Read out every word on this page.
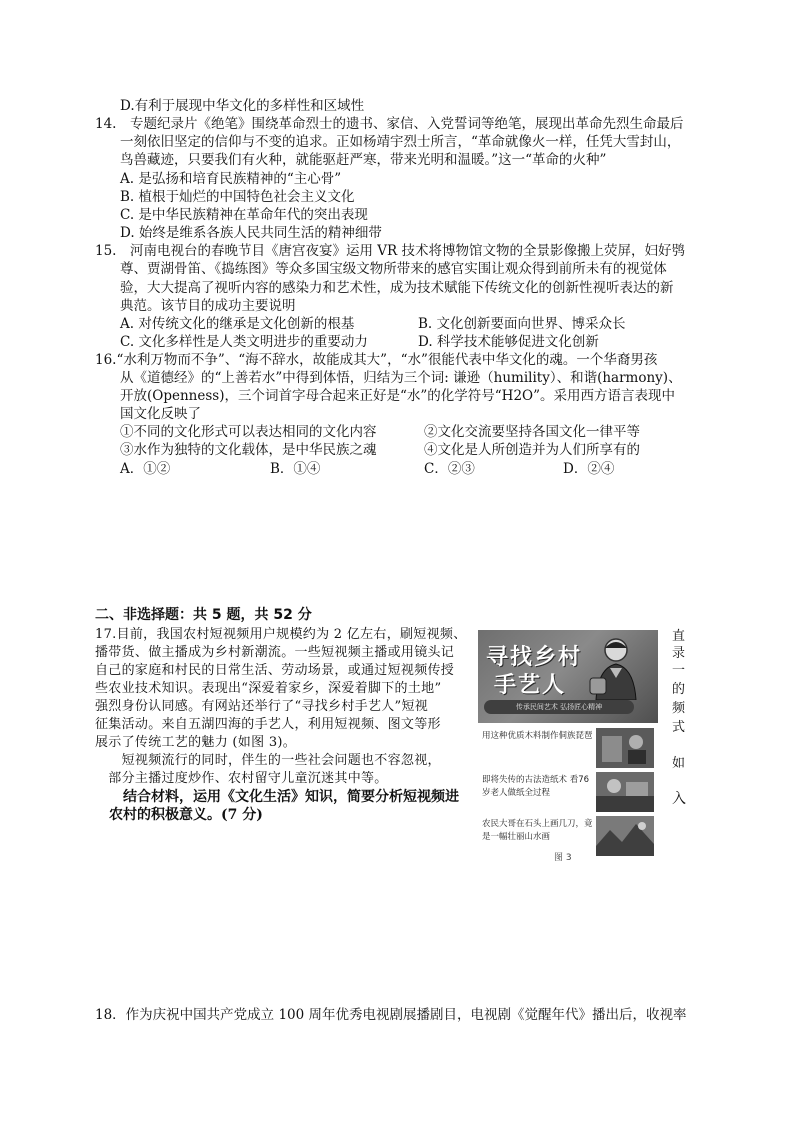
D.有利于展现中华文化的多样性和区域性
14.　专题纪录片《绝笔》围绕革命烈士的遗书、家信、入党誓词等绝笔，展现出革命先烈生命最后
一刻依旧坚定的信仰与不变的追求。正如杨靖宇烈士所言，“革命就像火一样，任凭大雪封山，
鸟兽藏迹，只要我们有火种，就能驱赶严寒，带来光明和温暖。”这一“革命的火种”
A. 是弘扬和培育民族精神的“主心骨”
B. 植根于灿烂的中国特色社会主义文化
C. 是中华民族精神在革命年代的突出表现
D. 始终是维系各族人民共同生活的精神细带
15.　河南电视台的春晚节目《唐宫夜宴》运用 VR 技术将博物馆文物的全景影像搬上荧屏，妇好鸮
尊、贾湖骨笛、《捣练图》等众多国宝级文物所带来的感官实围让观众得到前所未有的视觉体
验，大大提高了视听内容的感染力和艺术性，成为技术赋能下传统文化的创新性视听表达的新
典范。该节目的成功主要说明
A. 对传统文化的继承是文化创新的根基	B. 文化创新要面向世界、博采众长
C. 文化多样性是人类文明进步的重要动力	D. 科学技术能够促进文化创新
16.“水利万物而不争”、“海不辞水，故能成其大”，“水”很能代表中华文化的魂。一个华裔男孩
从《道德经》的“上善若水”中得到体悟，归结为三个词: 谦逊（humility）、和谐(harmony)、
开放(Openness)，三个词首字母合起来正好是“水”的化学符号“H2O”。采用西方语言表现中
国文化反映了
①不同的文化形式可以表达相同的文化内容	②文化交流要坚持各国文化一律平等
③水作为独特的文化载体，是中华民族之魂	④文化是人所创造并为人们所享有的
A．①②	B．①④	C．②③	D．②④
二、非选择题：共 5 题，共 52 分
17.目前，我国农村短视频用户规模约为 2 亿左右，刷短视频、
播带货、做主播成为乡村新潮流。一些短视频主播或用镜头记
自己的家庭和村民的日常生活、劳动场景，或通过短视频传授
些农业技术知识。表现出“深爱着家乡，深爱着脚下的土地”
强烈身份认同感。有网站还举行了“寻找乡村手艺人”短视
征集活动。来自五湖四海的手艺人，利用短视频、图文等形
展示了传统工艺的魅力 (如图 3)。
　　短视频流行的同时，伴生的一些社会问题也不容忽视，
　部分主播过度炒作、农村留守儿童沉迷其中等。
　　结合材料，运用《文化生活》知识，简要分析短视频进
　农村的积极意义。(7 分)
直
录
一
的
频
式
如
入
寻找乡村
手艺人
传承民间艺术 弘扬匠心精神
用这种优质木料制作侗族琵琶
即将失传的古法造纸术 看76岁老人做纸全过程
农民大哥在石头上画几刀，竟是一幅壮丽山水画
图 3
18．作为庆祝中国共产党成立 100 周年优秀电视剧展播剧目，电视剧《觉醒年代》播出后，收视率
